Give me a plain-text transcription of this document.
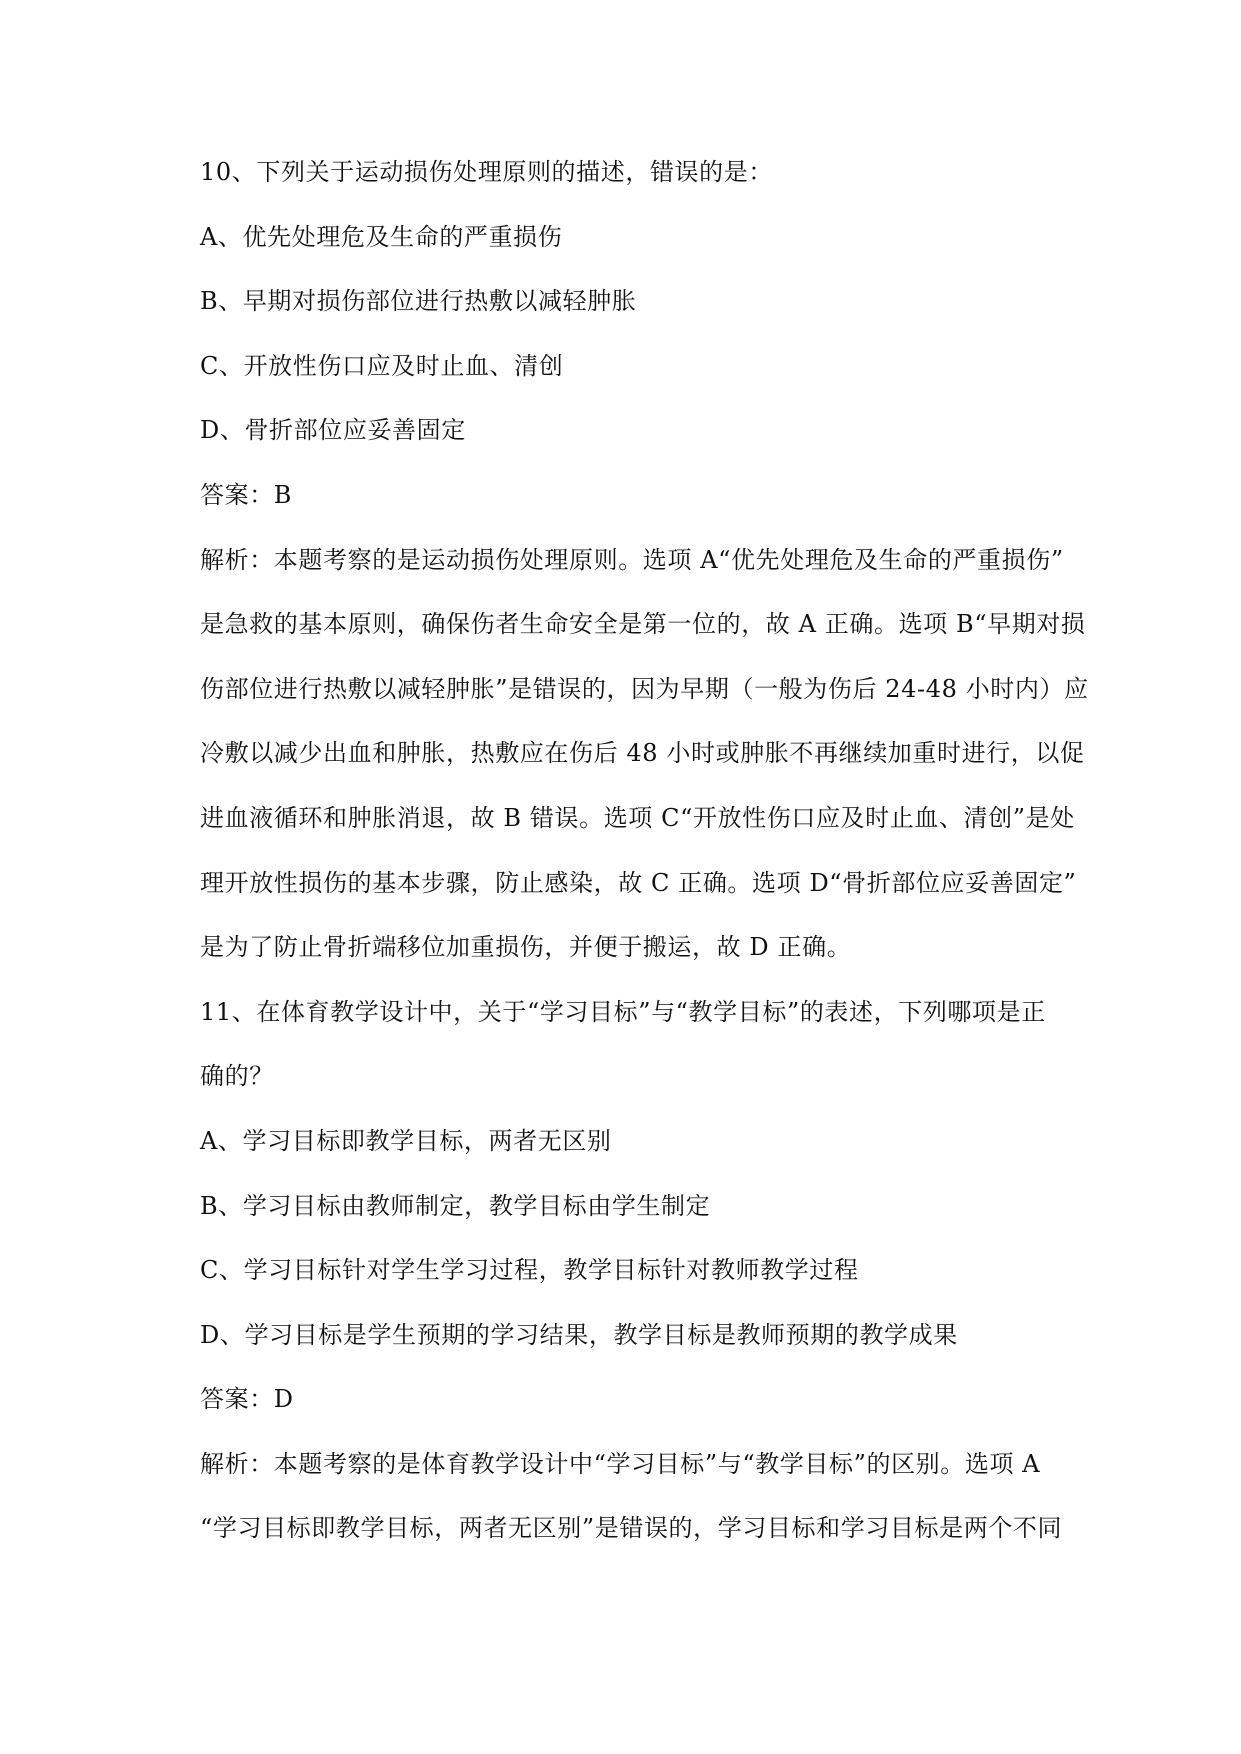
10、下列关于运动损伤处理原则的描述，错误的是：
A、优先处理危及生命的严重损伤
B、早期对损伤部位进行热敷以减轻肿胀
C、开放性伤口应及时止血、清创
D、骨折部位应妥善固定
答案：B
解析：本题考察的是运动损伤处理原则。选项 A“优先处理危及生命的严重损伤”
是急救的基本原则，确保伤者生命安全是第一位的，故 A 正确。选项 B“早期对损
伤部位进行热敷以减轻肿胀”是错误的，因为早期（一般为伤后 24-48 小时内）应
冷敷以减少出血和肿胀，热敷应在伤后 48 小时或肿胀不再继续加重时进行，以促
进血液循环和肿胀消退，故 B 错误。选项 C“开放性伤口应及时止血、清创”是处
理开放性损伤的基本步骤，防止感染，故 C 正确。选项 D“骨折部位应妥善固定”
是为了防止骨折端移位加重损伤，并便于搬运，故 D 正确。
11、在体育教学设计中，关于“学习目标”与“教学目标”的表述，下列哪项是正
确的？
A、学习目标即教学目标，两者无区别
B、学习目标由教师制定，教学目标由学生制定
C、学习目标针对学生学习过程，教学目标针对教师教学过程
D、学习目标是学生预期的学习结果，教学目标是教师预期的教学成果
答案：D
解析：本题考察的是体育教学设计中“学习目标”与“教学目标”的区别。选项 A
“学习目标即教学目标，两者无区别”是错误的，学习目标和学习目标是两个不同
